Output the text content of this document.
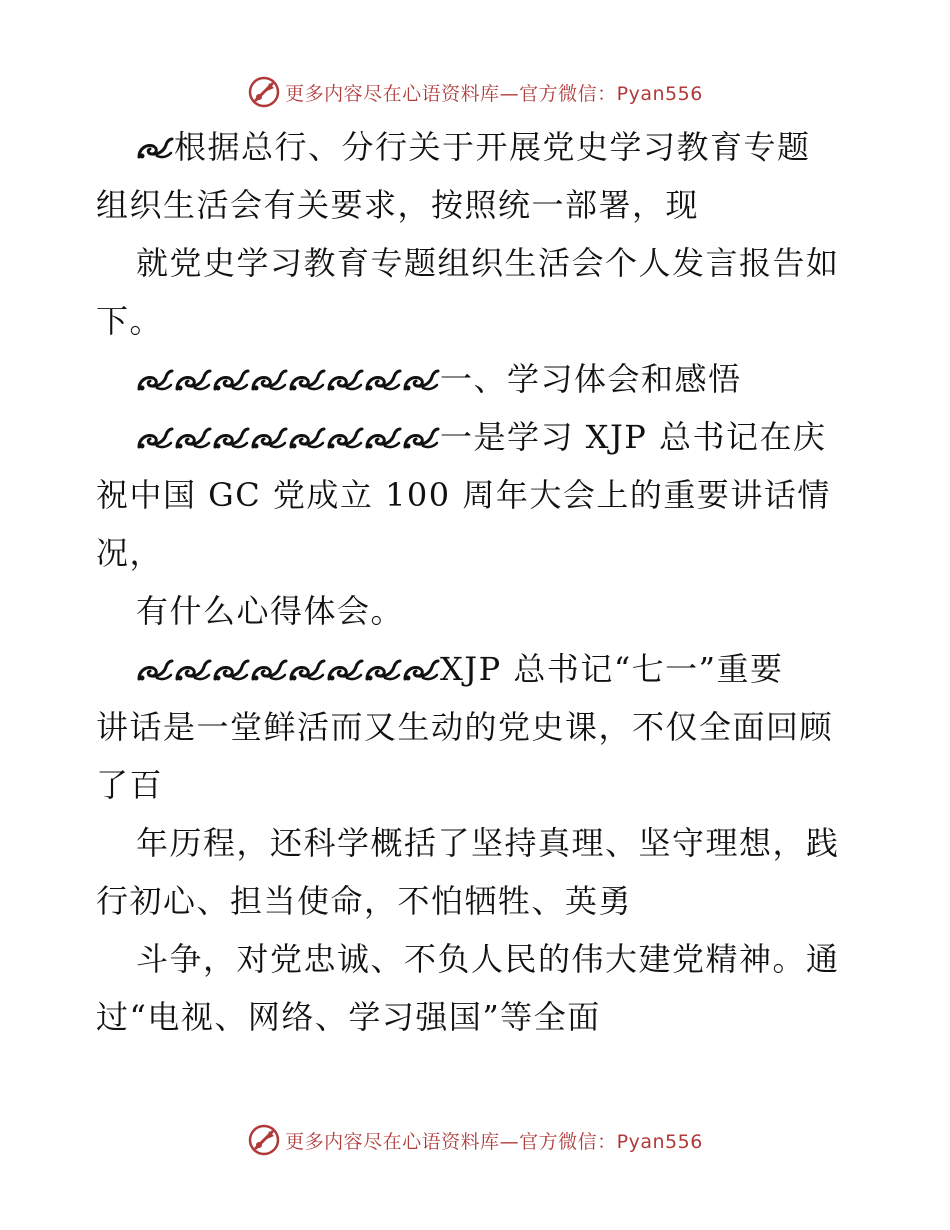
更多内容尽在心语资料库—官方微信：Pyan556
根据总行、分行关于开展党史学习教育专题
组织生活会有关要求，按照统一部署，现
就党史学习教育专题组织生活会个人发言报告如
下。
一、学习体会和感悟
一是学习 XJP 总书记在庆
祝中国 GC 党成立 100 周年大会上的重要讲话情
况，
有什么心得体会。
XJP 总书记“七一”重要
讲话是一堂鲜活而又生动的党史课，不仅全面回顾
了百
年历程，还科学概括了坚持真理、坚守理想，践
行初心、担当使命，不怕牺牲、英勇
斗争，对党忠诚、不负人民的伟大建党精神。通
过“电视、网络、学习强国”等全面
更多内容尽在心语资料库—官方微信：Pyan556
